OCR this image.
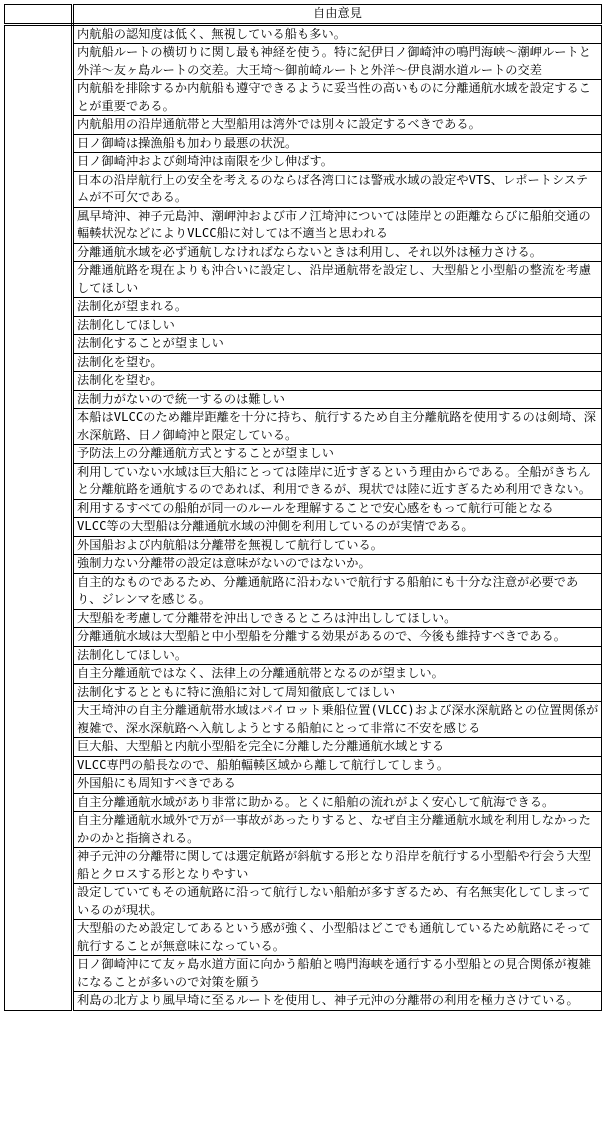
	自由意見
	内航船の認知度は低く、無視している船も多い。
	内航船ルートの横切りに関し最も神経を使う。特に紀伊日ノ御崎沖の鳴門海峡～潮岬ルートと外洋～友ヶ島ルートの交差。大王埼～御前崎ルートと外洋～伊良湖水道ルートの交差
	内航船を排除するか内航船も遵守できるように妥当性の高いものに分離通航水域を設定することが重要である。
	内航船用の沿岸通航帯と大型船用は湾外では別々に設定するべきである。
	日ノ御崎は操漁船も加わり最悪の状況。
	日ノ御崎沖および剣埼沖は南限を少し伸ばす。
	日本の沿岸航行上の安全を考えるのならば各湾口には警戒水域の設定やVTS、レポートシステムが不可欠である。
	風早埼沖、神子元島沖、潮岬沖および市ノ江埼沖については陸岸との距離ならびに船舶交通の輻輳状況などによりVLCC船に対しては不適当と思われる
	分離通航水域を必ず通航しなければならないときは利用し、それ以外は極力さける。
	分離通航路を現在よりも沖合いに設定し、沿岸通航帯を設定し、大型船と小型船の整流を考慮してほしい
	法制化が望まれる。
	法制化してほしい
	法制化することが望ましい
	法制化を望む。
	法制化を望む。
	法制力がないので統一するのは難しい
	本船はVLCCのため離岸距離を十分に持ち、航行するため自主分離航路を使用するのは剣埼、深水深航路、日ノ御崎沖と限定している。
	予防法上の分離通航方式とすることが望ましい
	利用していない水域は巨大船にとっては陸岸に近すぎるという理由からである。全船がきちんと分離航路を通航するのであれば、利用できるが、現状では陸に近すぎるため利用できない。
	利用するすべての船舶が同一のルールを理解することで安心感をもって航行可能となる
	VLCC等の大型船は分離通航水域の沖側を利用しているのが実情である。
	外国船および内航船は分離帯を無視して航行している。
	強制力ない分離帯の設定は意味がないのではないか。
	自主的なものであるため、分離通航路に沿わないで航行する船舶にも十分な注意が必要であり、ジレンマを感じる。
	大型船を考慮して分離帯を沖出しできるところは沖出ししてほしい。
	分離通航水域は大型船と中小型船を分離する効果があるので、今後も維持すべきである。
	法制化してほしい。
	自主分離通航ではなく、法律上の分離通航帯となるのが望ましい。
	法制化するとともに特に漁船に対して周知徹底してほしい
	大王埼沖の自主分離通航帯水域はパイロット乗船位置(VLCC)および深水深航路との位置関係が複雑で、深水深航路へ入航しようとする船舶にとって非常に不安を感じる
	巨大船、大型船と内航小型船を完全に分離した分離通航水域とする
	VLCC専門の船長なので、船舶輻輳区域から離して航行してしまう。
	外国船にも周知すべきである
	自主分離通航水域があり非常に助かる。とくに船舶の流れがよく安心して航海できる。
	自主分離通航水域外で万が一事故があったりすると、なぜ自主分離通航水域を利用しなかったかのかと指摘される。
	神子元沖の分離帯に関しては選定航路が斜航する形となり沿岸を航行する小型船や行会う大型船とクロスする形となりやすい
	設定していてもその通航路に沿って航行しない船舶が多すぎるため、有名無実化してしまっているのが現状。
	大型船のため設定してあるという感が強く、小型船はどこでも通航しているため航路にそって航行することが無意味になっている。
	日ノ御崎沖にて友ヶ島水道方面に向かう船舶と鳴門海峡を通行する小型船との見合関係が複雑になることが多いので対策を願う
	利島の北方より風早埼に至るルートを使用し、神子元沖の分離帯の利用を極力さけている。
